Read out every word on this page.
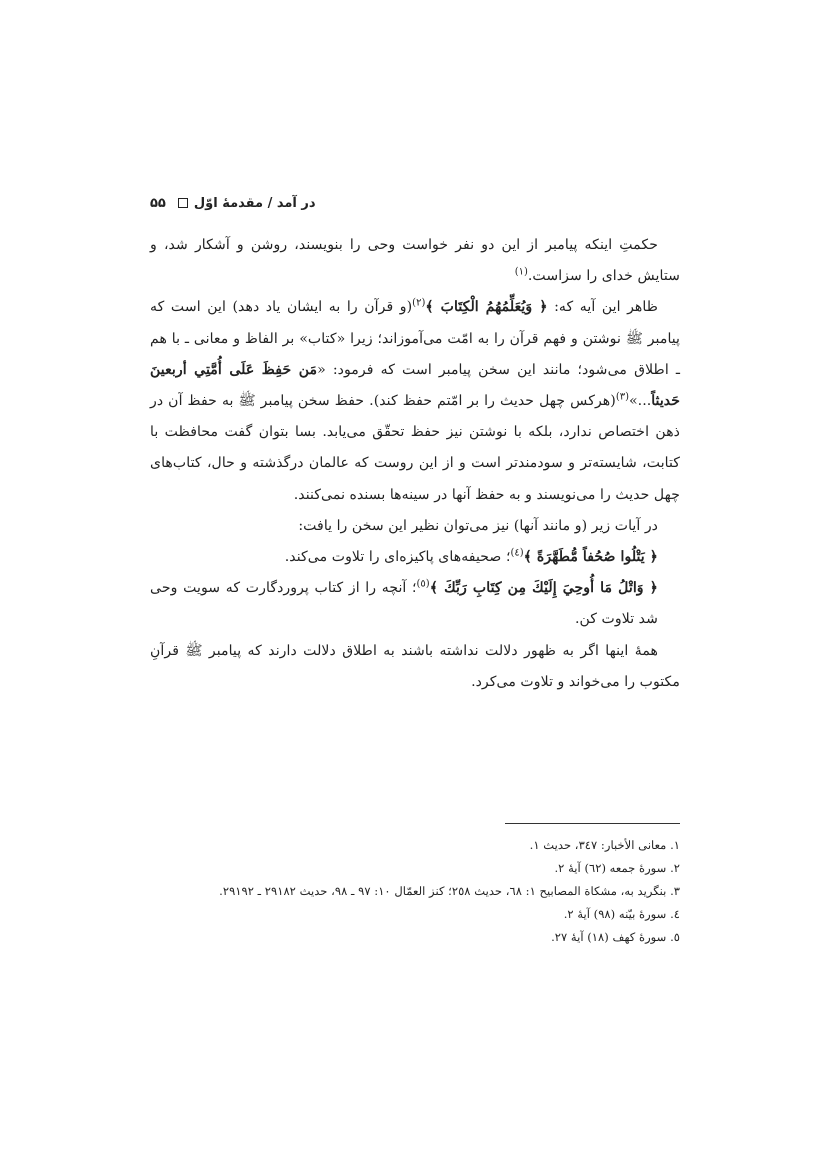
۵۵ در آمد / مقدمهٔ اوّل

حکمتِ اینکه پیامبر از این دو نفر خواست وحی را بنویسند، روشن و آشکار شد، و ستایش خدای را سزاست.$^{(۱)}$

ظاهر این آیه که: ﴿ وَيُعَلِّمُهُمُ الْكِتَابَ ﴾$^{(۲)}$(و قرآن را به ایشان یاد دهد) این است که پیامبر ﷺ نوشتن و فهم قرآن را به امّت می‌آموزاند؛ زیرا «کتاب» بر الفاظ و معانی ـ با هم ـ اطلاق می‌شود؛ مانند این سخن پیامبر است که فرمود: «مَن حَفِظَ عَلَى أُمَّتِي أربعينَ حَديثاً...»$^{(۳)}$(هرکس چهل حدیث را بر امّتم حفظ کند). حفظ سخن پیامبر ﷺ به حفظ آن در ذهن اختصاص ندارد، بلکه با نوشتن نیز حفظ تحقّق می‌یابد. بسا بتوان گفت محافظت با کتابت، شایسته‌تر و سودمندتر است و از این روست که عالمان درگذشته و حال، کتاب‌های چهل حدیث را می‌نویسند و به حفظ آنها در سینه‌ها بسنده نمی‌کنند.

در آیات زیر (و مانند آنها) نیز می‌توان نظیر این سخن را یافت:

﴿ يَتْلُوا صُحُفاً مُّطَهَّرَةً ﴾$^{(٤)}$؛ صحیفه‌های پاکیزه‌ای را تلاوت می‌کند.

﴿ وَاتْلُ مَا أُوحِيَ إِلَيْكَ مِن كِتَابِ رَبِّكَ ﴾$^{(٥)}$؛ آنچه را از کتاب پروردگارت که سویت وحی شد تلاوت کن.

همهٔ اینها اگر به ظهور دلالت نداشته باشند به اطلاق دلالت دارند که پیامبر ﷺ قرآنِ مکتوب را می‌خواند و تلاوت می‌کرد.

١. معانی الأخبار: ٣٤٧، حدیث ١.
٢. سورهٔ جمعه (٦٢) آیهٔ ٢.
٣. بنگرید به، مشکاة المصابیح ١: ٦٨، حدیث ٢٥٨؛ کنز العمّال ١٠: ٩٧ ـ ٩٨، حدیث ٢٩١٨٢ ـ ٢٩١٩٢.
٤. سورهٔ بیّنه (٩٨) آیهٔ ٢.
٥. سورهٔ کهف (١٨) آیهٔ ٢٧.
